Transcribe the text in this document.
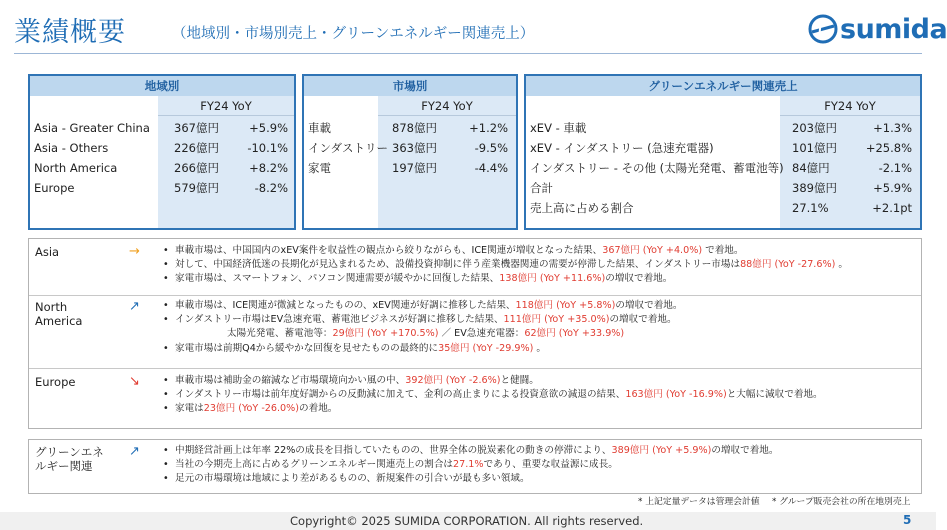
業績概要	（地域別・市場別売上・グリーンエネルギー関連売上）	sumida
地域別
FY24 YoY
Asia - Greater China 367億円	+5.9%
Asia - Others	226億円 -10.1%
North America	266億円	+8.2%
Europe	579億円	-8.2%
市場別
FY24 YoY
車載	878億円	+1.2%
インダストリー 363億円	-9.5%
家電	197億円	-4.4%
グリーンエネルギー関連売上
FY24 YoY
xEV - 車載	203億円	+1.3%
xEV - インダストリー (急速充電器)	101億円	+25.8%
インダストリー - その他 (太陽光発電、蓄電池等) 84億円	-2.1%
合計	389億円	+5.9%
売上高に占める割合	27.1%	+2.1pt
Asia	→	• 車載市場は、中国国内のxEV案件を収益性の観点から絞りながらも、ICE関連が増収となった結果、367億円 (YoY +4.0%) で着地。
• 対して、中国経済低迷の長期化が見込まれるため、設備投資抑制に伴う産業機器関連の需要が停滞した結果、インダストリー市場は88億円 (YoY -27.6%) 。
• 家電市場は、スマートフォン、パソコン関連需要が緩やかに回復した結果、138億円 (YoY +11.6%)の増収で着地。
North America
↗	• 車載市場は、ICE関連が微減となったものの、xEV関連が好調に推移した結果、118億円 (YoY +5.8%)の増収で着地。
• インダストリー市場はEV急速充電、蓄電池ビジネスが好調に推移した結果、111億円 (YoY +35.0%)の増収で着地。
太陽光発電、蓄電池等：29億円 (YoY +170.5%) ／ EV急速充電器：62億円 (YoY +33.9%)
• 家電市場は前期Q4から緩やかな回復を見せたものの最終的に35億円 (YoY -29.9%) 。
Europe	↘	• 車載市場は補助金の縮減など市場環境向かい風の中、392億円 (YoY -2.6%)と健闘。
• インダストリー市場は前年度好調からの反動減に加えて、金利の高止まりによる投資意欲の減退の結果、163億円 (YoY -16.9%)と大幅に減収で着地。
• 家電は23億円 (YoY -26.0%)の着地。
グリーンエネルギー関連
↗	• 中期経営計画上は年率 22%の成長を目指していたものの、世界全体の脱炭素化の動きの停滞により、389億円 (YoY +5.9%)の増収で着地。
• 当社の今期売上高に占めるグリーンエネルギー関連売上の割合は27.1%であり、重要な収益源に成長。
• 足元の市場環境は地域により差があるものの、新規案件の引合いが最も多い領域。
* 上記定量データは管理会計値 * グループ販売会社の所在地別売上
Copyright© 2025 SUMIDA CORPORATION. All rights reserved.	5
